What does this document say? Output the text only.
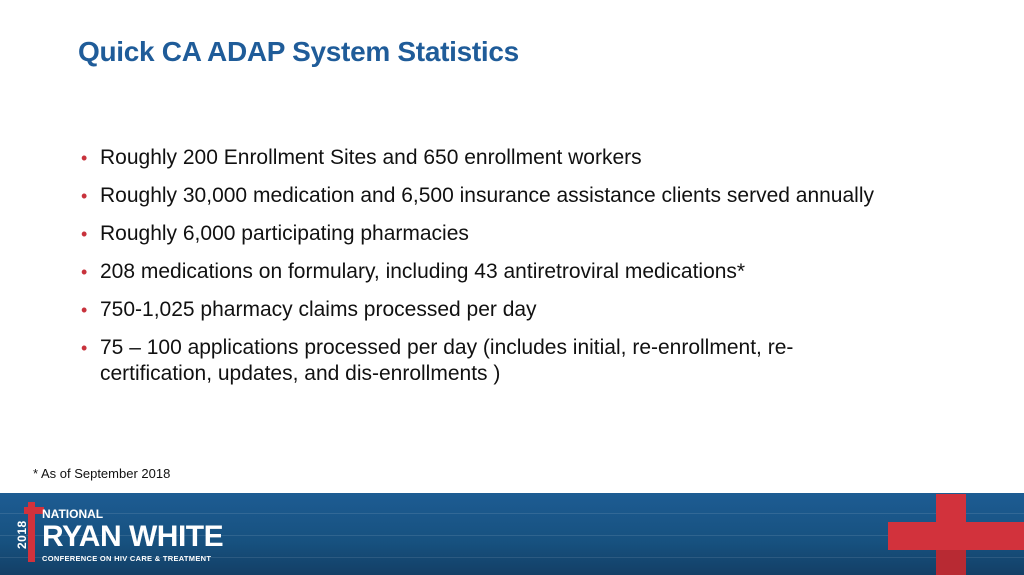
Quick CA ADAP System Statistics
• Roughly 200 Enrollment Sites and 650 enrollment workers
• Roughly 30,000 medication and 6,500 insurance assistance clients served annually
• Roughly 6,000 participating pharmacies
• 208 medications on formulary, including 43 antiretroviral medications*
• 750-1,025 pharmacy claims processed per day
• 75 – 100 applications processed per day (includes initial, re-enrollment, re-certification, updates, and dis-enrollments )
* As of September 2018
2018
NATIONAL
RYAN WHITE
CONFERENCE ON HIV CARE & TREATMENT
